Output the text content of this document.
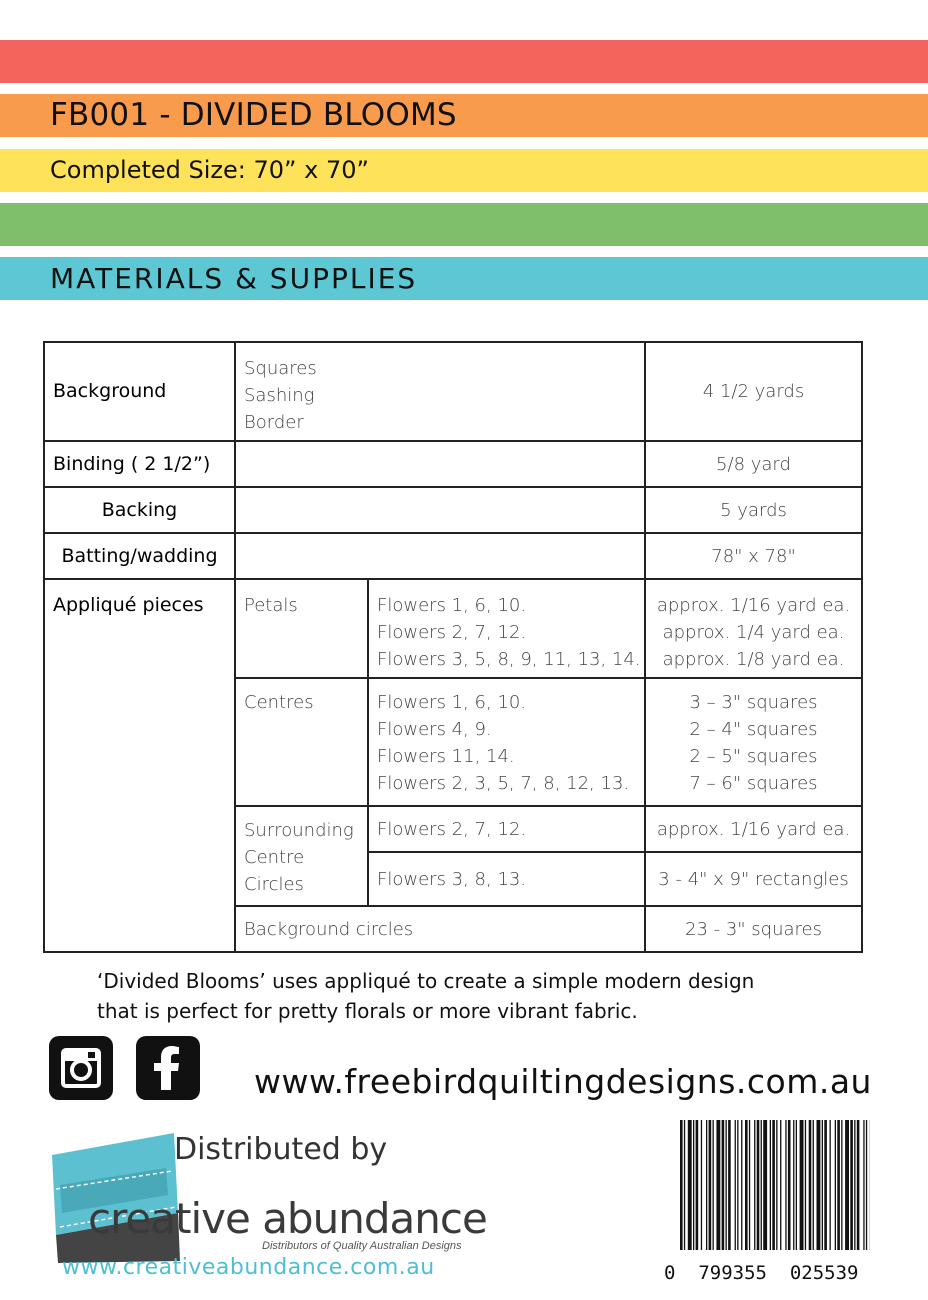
FB001 - DIVIDED BLOOMS
Completed Size: 70” x 70”
MATERIALS & SUPPLIES
Background	Squares
Sashing
Border		4 1/2 yards
Binding ( 2 1/2”)			5/8 yard
Backing			5 yards
Batting/wadding			78" x 78"
Appliqué pieces	Petals	Flowers 1, 6, 10.
Flowers 2, 7, 12.
Flowers 3, 5, 8, 9, 11, 13, 14.	approx. 1/16 yard ea.
approx. 1/4 yard ea.
approx. 1/8 yard ea.

	Centres	Flowers 1, 6, 10.
Flowers 4, 9.
Flowers 11, 14.
Flowers 2, 3, 5, 7, 8, 12, 13.	3 – 3" squares
2 – 4" squares
2 – 5" squares
7 – 6" squares

	Surrounding
Centre
Circles	Flowers 2, 7, 12.	approx. 1/16 yard ea.
		Flowers 3, 8, 13.	3 - 4" x 9" rectangles
	Background circles		23 - 3" squares
‘Divided Blooms’ uses appliqué to create a simple modern design
that is perfect for pretty florals or more vibrant fabric.
www.freebirdquiltingdesigns.com.au
Distributed by
creative abundance
Distributors of Quality Australian Designs
www.creativeabundance.com.au	0  799355  025539
